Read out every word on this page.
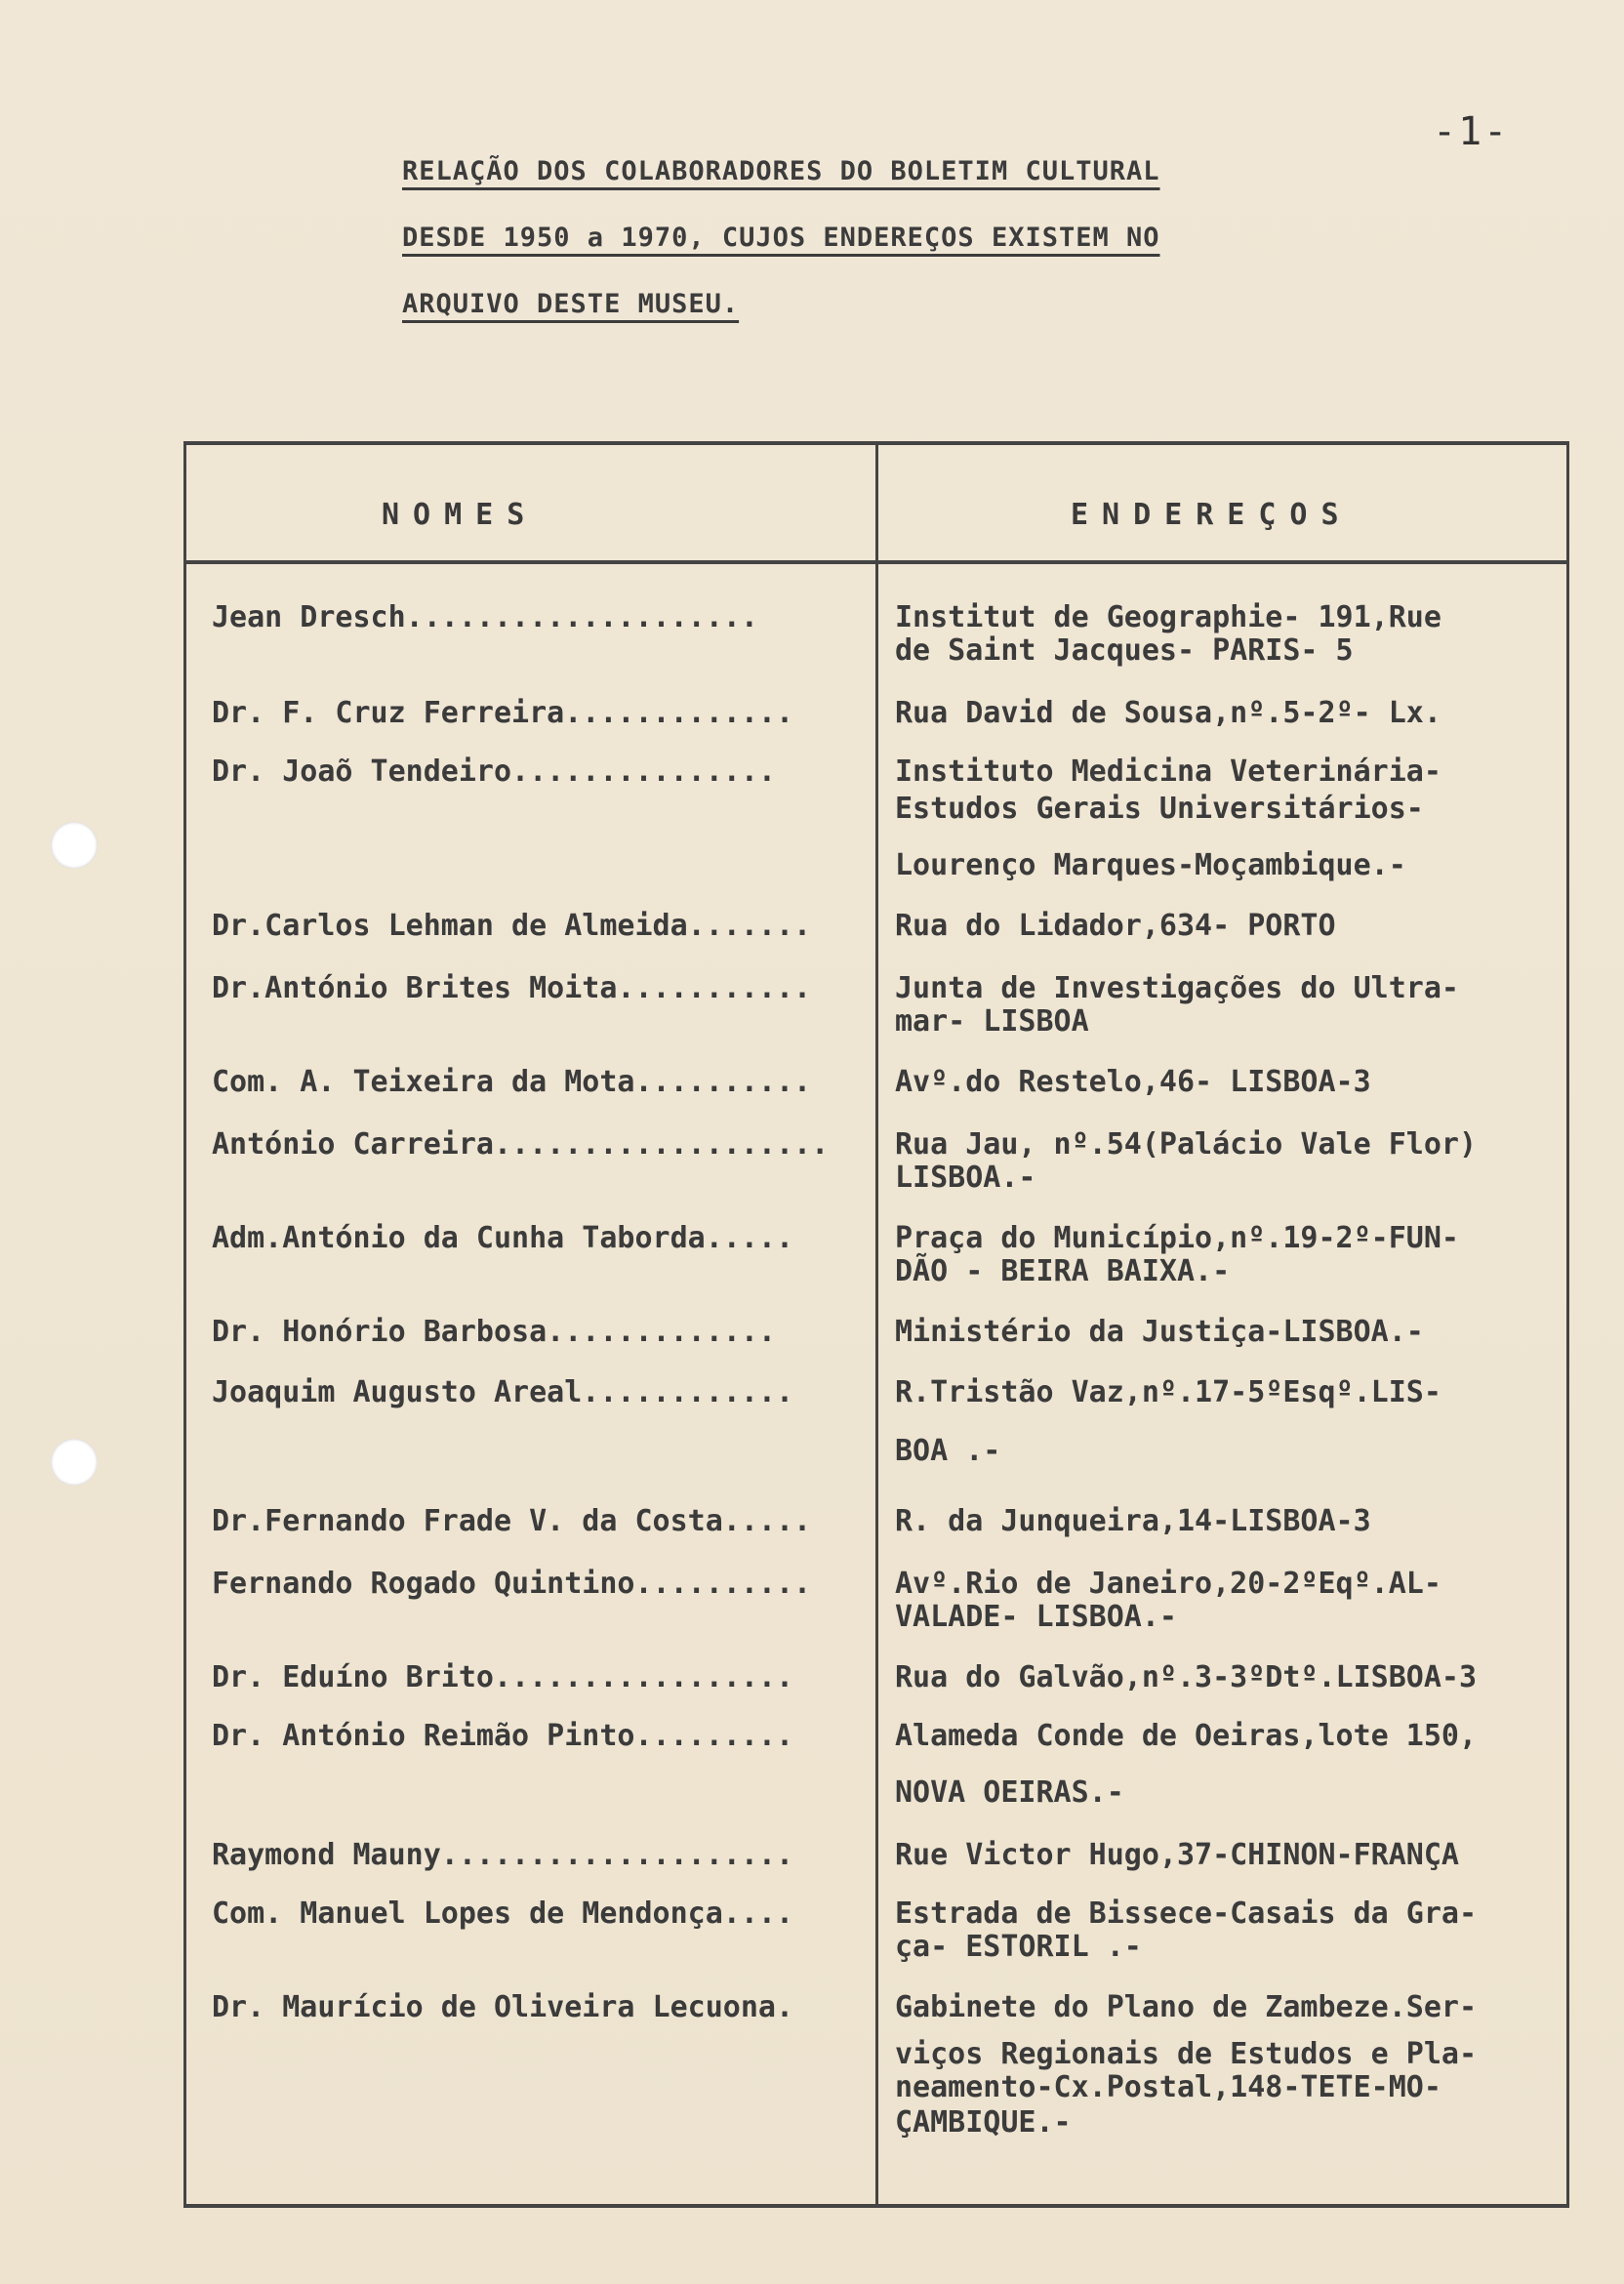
-1-
RELAÇÃO DOS COLABORADORES DO BOLETIM CULTURAL
DESDE 1950 a 1970, CUJOS ENDEREÇOS EXISTEM NO
ARQUIVO DESTE MUSEU.
NOMES	ENDEREÇOS
Jean Dresch....................	Institut de Geographie- 191,Rue
de Saint Jacques- PARIS- 5
Dr. F. Cruz Ferreira.............	Rua David de Sousa,nº.5-2º- Lx.
Dr. Joaõ Tendeiro...............	Instituto Medicina Veterinária-
Estudos Gerais Universitários-
Lourenço Marques-Moçambique.-
Dr.Carlos Lehman de Almeida.......	Rua do Lidador,634- PORTO
Dr.António Brites Moita...........	Junta de Investigações do Ultra-
mar- LISBOA
Com. A. Teixeira da Mota..........	Avº.do Restelo,46- LISBOA-3
António Carreira...................	Rua Jau, nº.54(Palácio Vale Flor)
LISBOA.-
Adm.António da Cunha Taborda.....	Praça do Município,nº.19-2º-FUN-
DÃO - BEIRA BAIXA.-
Dr. Honório Barbosa.............	Ministério da Justiça-LISBOA.-
Joaquim Augusto Areal............	R.Tristão Vaz,nº.17-5ºEsqº.LIS-
BOA .-
Dr.Fernando Frade V. da Costa.....	R. da Junqueira,14-LISBOA-3
Fernando Rogado Quintino..........	Avº.Rio de Janeiro,20-2ºEqº.AL-
VALADE- LISBOA.-
Dr. Eduíno Brito.................	Rua do Galvão,nº.3-3ºDtº.LISBOA-3
Dr. António Reimão Pinto.........	Alameda Conde de Oeiras,lote 150,
NOVA OEIRAS.-
Raymond Mauny....................	Rue Victor Hugo,37-CHINON-FRANÇA
Com. Manuel Lopes de Mendonça....	Estrada de Bissece-Casais da Gra-
ça- ESTORIL .-
Dr. Maurício de Oliveira Lecuona.	Gabinete do Plano de Zambeze.Ser-
viços Regionais de Estudos e Pla-
neamento-Cx.Postal,148-TETE-MO-
ÇAMBIQUE.-
